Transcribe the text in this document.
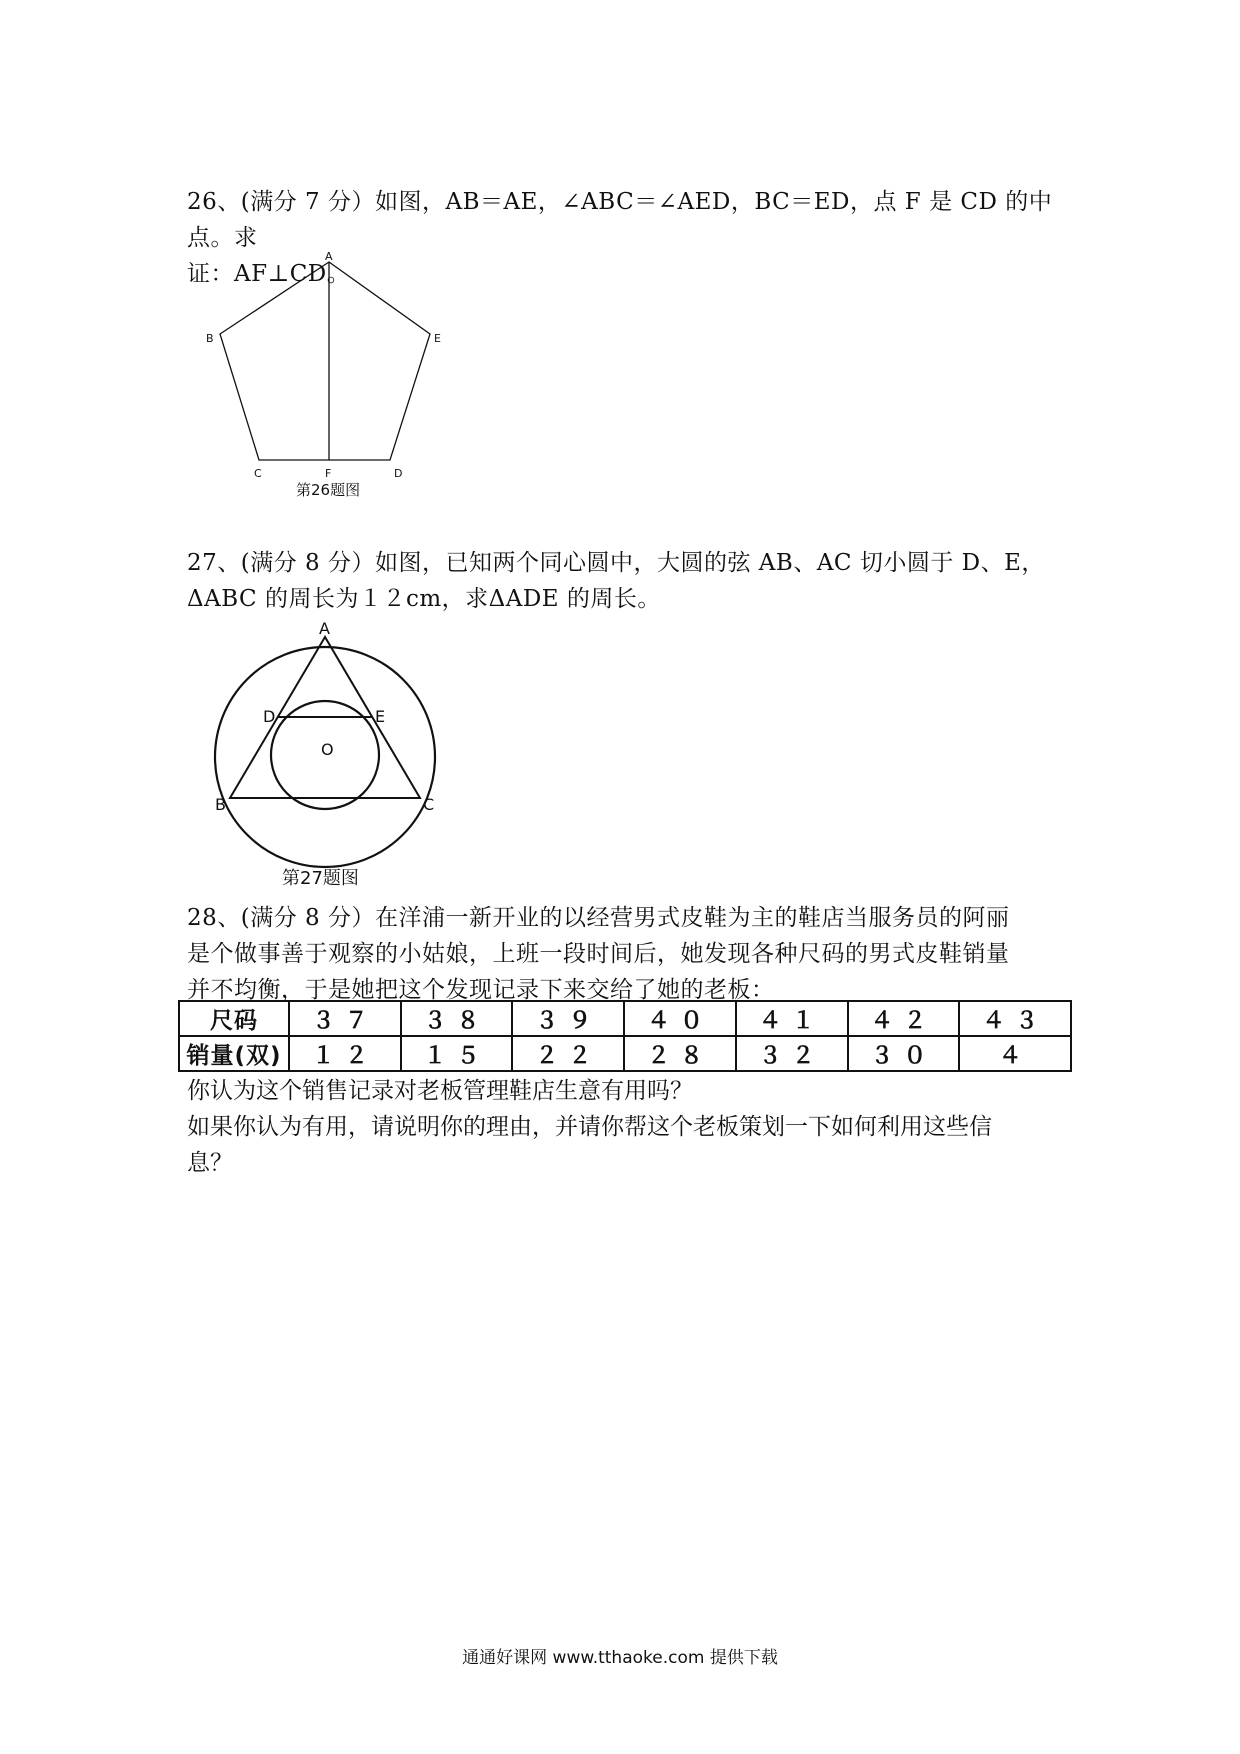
26、(满分 7 分）如图，AB＝AE，∠ABC＝∠AED，BC＝ED，点 F 是 CD 的中点。求
证：AF⊥CD。
A
B	E
C	F	D
第26题图
27、(满分 8 分）如图，已知两个同心圆中，大圆的弦 AB、AC 切小圆于 D、E，
ΔABC 的周长为１２cm，求ΔADE 的周长。
A
D	E
O
B	C
第27题图
28、(满分 8 分）在洋浦一新开业的以经营男式皮鞋为主的鞋店当服务员的阿丽
是个做事善于观察的小姑娘，上班一段时间后，她发现各种尺码的男式皮鞋销量
并不均衡，于是她把这个发现记录下来交给了她的老板：
尺码	３７	３８	３９	４０	４１	４２	４３
销量(双)	１２	１５	２２	２８	３２	３０	４
你认为这个销售记录对老板管理鞋店生意有用吗？
如果你认为有用，请说明你的理由，并请你帮这个老板策划一下如何利用这些信
息？
通通好课网 www.tthaoke.com 提供下载
